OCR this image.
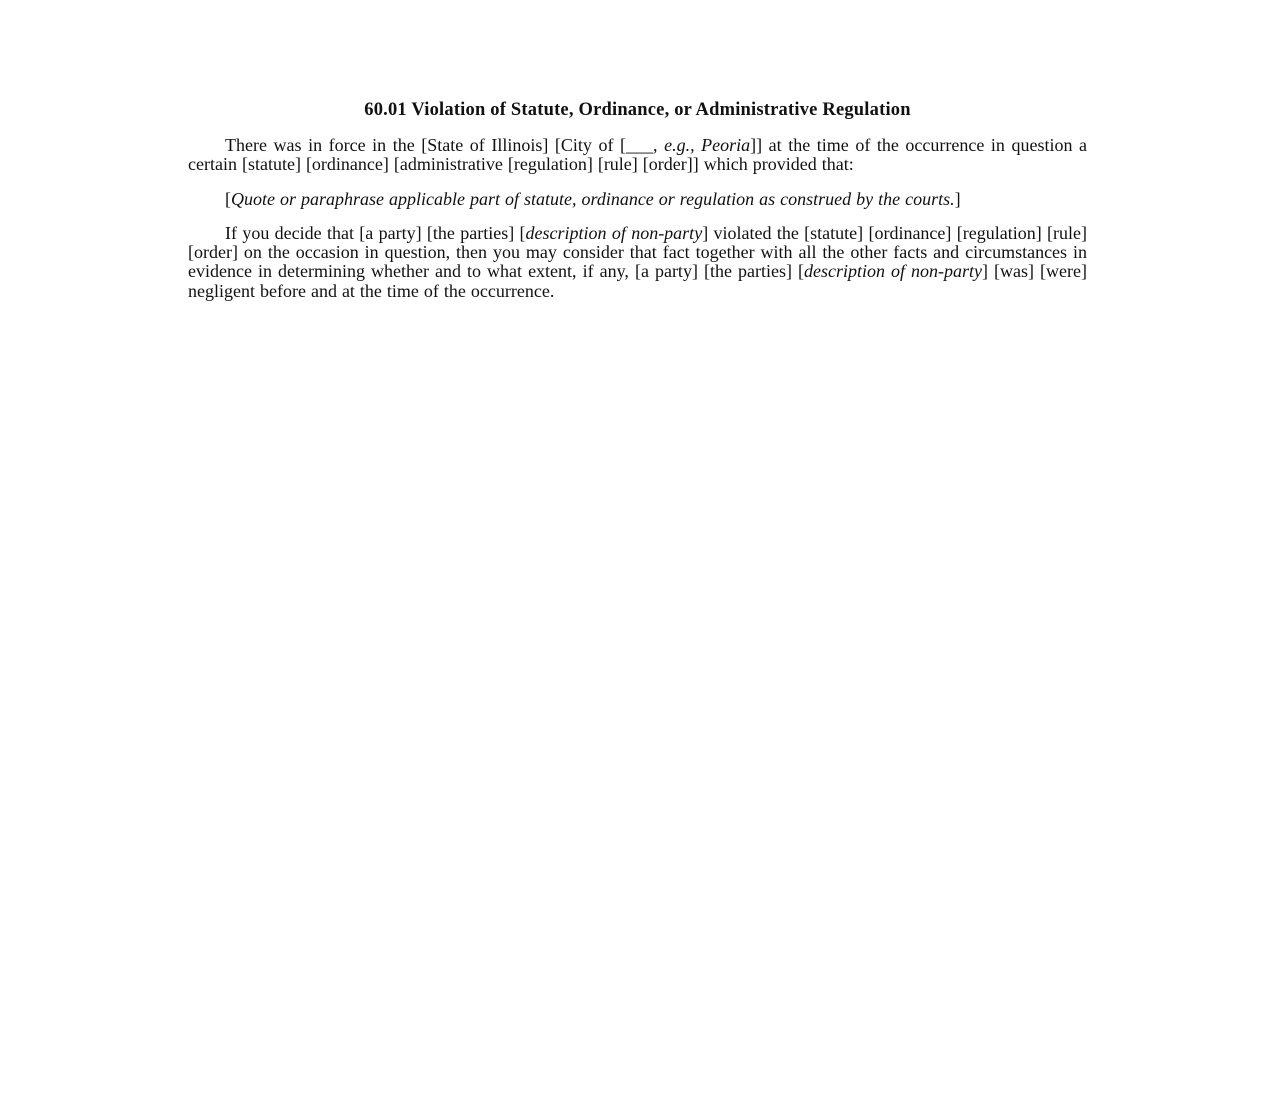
60.01 Violation of Statute, Ordinance, or Administrative Regulation

There was in force in the [State of Illinois] [City of [___, e.g., Peoria]] at the time of the occurrence in question a certain [statute] [ordinance] [administrative [regulation] [rule] [order]] which provided that:

[Quote or paraphrase applicable part of statute, ordinance or regulation as construed by the courts.]

If you decide that [a party] [the parties] [description of non-party] violated the [statute] [ordinance] [regulation] [rule] [order] on the occasion in question, then you may consider that fact together with all the other facts and circumstances in evidence in determining whether and to what extent, if any, [a party] [the parties] [description of non-party] [was] [were] negligent before and at the time of the occurrence.
